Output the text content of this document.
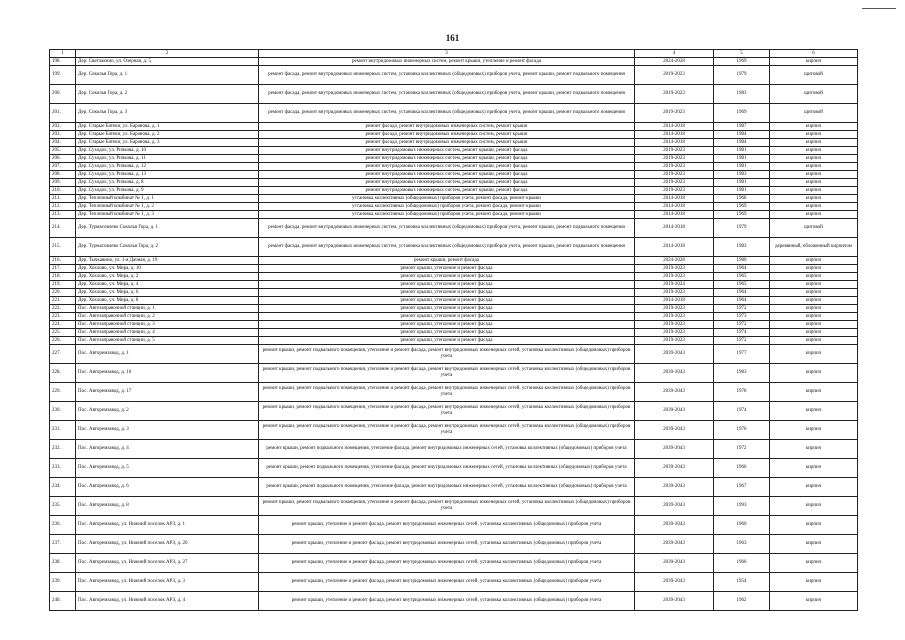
161
1	2	3	4	5	6
198.	Дер. Светлакино, ул. Озерная, д. 5	ремонт внутридомовых инженерных систем, ремонт крыши, утепление и ремонт фасада	2024-2028	1969	кирпич
199.	Дер. Соколья Гора, д. 1	ремонт фасада, ремонт внутридомовых инженерных систем, установка коллективных (общедомовых) приборов учета, ремонт крыши, ремонт подвального помещения	2019-2023	1979	щитовой
200.	Дер. Соколья Гора, д. 2	ремонт фасада, ремонт внутридомовых инженерных систем, установка коллективных (общедомовых) приборов учета, ремонт крыши, ремонт подвального помещения	2019-2023	1983	щитовой
201.	Дер. Соколья Гора, д. 3	ремонт фасада, ремонт внутридомовых инженерных систем, установка коллективных (общедомовых) приборов учета, ремонт крыши, ремонт подвального помещения	2019-2023	1969	щитовой
202.	Дер. Старые Батеки, ул. Баранова, д. 1	ремонт фасада, ремонт внутридомовых инженерных систем, ремонт крыши	2014-2018	1987	кирпич
203.	Дер. Старые Батеки, ул. Баранова, д. 2	ремонт фасада, ремонт внутридомовых инженерных систем, ремонт крыши	2014-2018	1984	кирпич
204.	Дер. Старые Батеки, ул. Баранова, д. 3	ремонт фасада, ремонт внутридомовых инженерных систем, ремонт крыши	2014-2018	1984	кирпич
205.	Дер. Суходол, ул. Ричкова, д. 10	ремонт внутридомовых инженерных систем, ремонт крыши, ремонт фасада	2019-2023	1981	кирпич
206.	Дер. Суходол, ул. Ричкова, д. 11	ремонт внутридомовых инженерных систем, ремонт крыши, ремонт фасада	2019-2023	1981	кирпич
207.	Дер. Суходол, ул. Ричкова, д. 12	ремонт внутридомовых инженерных систем, ремонт крыши, ремонт фасада	2019-2023	1981	кирпич
208.	Дер. Суходол, ул. Ричкова, д. 13	ремонт внутридомовых инженерных систем, ремонт крыши, ремонт фасада	2019-2023	1983	кирпич
209.	Дер. Суходол, ул. Ричкова, д. 8	ремонт внутридомовых инженерных систем, ремонт крыши, ремонт фасада	2019-2023	1981	кирпич
210.	Дер. Суходол, ул. Ричкова, д. 9	ремонт внутридомовых инженерных систем, ремонт крыши, ремонт фасада	2019-2023	1981	кирпич
211.	Дер. Тепличный комбинат № 1, д. 1	установка коллективных (общедомовых) приборов учета, ремонт фасада, ремонт крыши	2014-2018	1968	кирпич
212.	Дер. Тепличный комбинат № 1, д. 2	установка коллективных (общедомовых) приборов учета, ремонт фасада, ремонт крыши	2014-2018	1969	кирпич
213.	Дер. Тепличный комбинат № 1, д. 3	установка коллективных (общедомовых) приборов учета, ремонт фасада, ремонт крыши	2014-2018	1969	кирпич
214.	Дер. Турмасовлево Соколья Гора, д. 1	ремонт фасада, ремонт внутридомовых инженерных систем, установка коллективных (общедомовых) приборов учета, ремонт крыши, ремонт подвального помещения	2014-2018	1979	щитовой
215.	Дер. Турмасовлево Соколья Гора, д. 2	ремонт фасада, ремонт внутридомовых инженерных систем, установка коллективных (общедомовых) приборов учета, ремонт крыши, ремонт подвального помещения	2014-2018	1983	деревянный, обложенный кирпичом
216.	Дер. Тычкавино, ул. 1-я Дачная, д. 19	ремонт крыши, ремонт фасада	2024-2028	1980	кирпич
217.	Дер. Хохлово, ул. Мира, д. 10	ремонт крыши, утепление и ремонт фасада	2019-2023	1964	кирпич
218.	Дер. Хохлово, ул. Мира, д. 2	ремонт крыши, утепление и ремонт фасада	2019-2023	1965	кирпич
219.	Дер. Хохлово, ул. Мира, д. 4	ремонт крыши, утепление и ремонт фасада	2019-2024	1965	кирпич
220.	Дер. Хохлово, ул. Мира, д. 6	ремонт крыши, утепление и ремонт фасада	2019-2023	1964	кирпич
221.	Дер. Хохлово, ул. Мира, д. 8	ремонт крыши, утепление и ремонт фасада	2014-2018	1964	кирпич
222.	Пос. Автозаправочной станции, д. 1	ремонт крыши, утепление и ремонт фасада	2019-2023	1972	кирпич
223.	Пос. Автозаправочной станции, д. 2	ремонт крыши, утепление и ремонт фасада	2019-2023	1973	кирпич
224.	Пос. Автозаправочной станции, д. 3	ремонт крыши, утепление и ремонт фасада	2019-2023	1972	кирпич
225.	Пос. Автозаправочной станции, д. 4	ремонт крыши, утепление и ремонт фасада	2019-2023	1974	кирпич
226.	Пос. Автозаправочной станции, д. 5	ремонт крыши, утепление и ремонт фасада	2019-2023	1972	кирпич
227.	Пос. Авторемзавод, д. 1	ремонт крыши, ремонт подвального помещения, утепление и ремонт фасада, ремонт внутридомовых инженерных сетей, установка коллективных (общедомовых) приборов учета	2039-2043	1977	кирпич
228.	Пос. Авторемзавод, д. 16	ремонт крыши, ремонт подвального помещения, утепление и ремонт фасада, ремонт внутридомовых инженерных сетей, установка коллективных (общедомовых) приборов учета	2039-2043	1983	кирпич
229.	Пос. Авторемзавод, д. 17	ремонт крыши, ремонт подвального помещения, утепление и ремонт фасада, ремонт внутридомовых инженерных сетей, установка коллективных (общедомовых) приборов учета	2039-2043	1978	кирпич
230.	Пос. Авторемзавод, д. 2	ремонт крыши, ремонт подвального помещения, утепление и ремонт фасада, ремонт внутридомовых инженерных сетей, установка коллективных (общедомовых) приборов учета	2039-2043	1974	кирпич
231.	Пос. Авторемзавод, д. 3	ремонт крыши, ремонт подвального помещения, утепление и ремонт фасада, ремонт внутридомовых инженерных сетей, установка коллективных (общедомовых) приборов учета	2039-2043	1976	кирпич
232.	Пос. Авторемзавод, д. 4	ремонт крыши, ремонт подвального помещения, утепление фасада, ремонт внутридомовых инженерных сетей, установка коллективных (общедомовых) приборов учета	2039-2043	1972	кирпич
233.	Пос. Авторемзавод, д. 5	ремонт крыши, ремонт подвального помещения, утепление фасада, ремонт внутридомовых инженерных сетей, установка коллективных (общедомовых) приборов учета	2039-2043	1966	кирпич
234.	Пос. Авторемзавод, д. 6	ремонт крыши, ремонт подвального помещения, утепление фасада, ремонт внутридомовых инженерных сетей, установка коллективных (общедомовых) приборов учета	2039-2043	1967	кирпич
235.	Пос. Авторемзавод, д. 8	ремонт крыши, ремонт подвального помещения, утепление и ремонт фасада, ремонт внутридомовых инженерных сетей, установка коллективных (общедомовых) приборов учета	2039-2043	1993	кирпич
236.	Пос. Авторемзавод, ул. Нижний поселок АРЗ, д. 1	ремонт крыши, утепление и ремонт фасада, ремонт внутридомовых инженерных сетей, установка коллективных (общедомовых) приборов учета	2039-2043	1960	кирпич
237.	Пос. Авторемзавод, ул. Нижний поселок АРЗ, д. 26	ремонт крыши, утепление и ремонт фасада, ремонт внутридомовых инженерных сетей, установка коллективных (общедомовых) приборов учета	2039-2043	1963	кирпич
238.	Пос. Авторемзавод, ул. Нижний поселок АРЗ, д. 27	ремонт крыши, утепление и ремонт фасада, ремонт внутридомовых инженерных сетей, установка коллективных (общедомовых) приборов учета	2039-2043	1966	кирпич
239.	Пос. Авторемзавод, ул. Нижний поселок АРЗ, д. 3	ремонт крыши, утепление и ремонт фасада, ремонт внутридомовых инженерных сетей, установка коллективных (общедомовых) приборов учета	2039-2043	1954	кирпич
240.	Пос. Авторемзавод, ул. Нижний поселок АРЗ, д. 4	ремонт крыши, утепление и ремонт фасада, ремонт внутридомовых инженерных сетей, установка коллективных (общедомовых) приборов учета	2039-2043	1962	кирпич
